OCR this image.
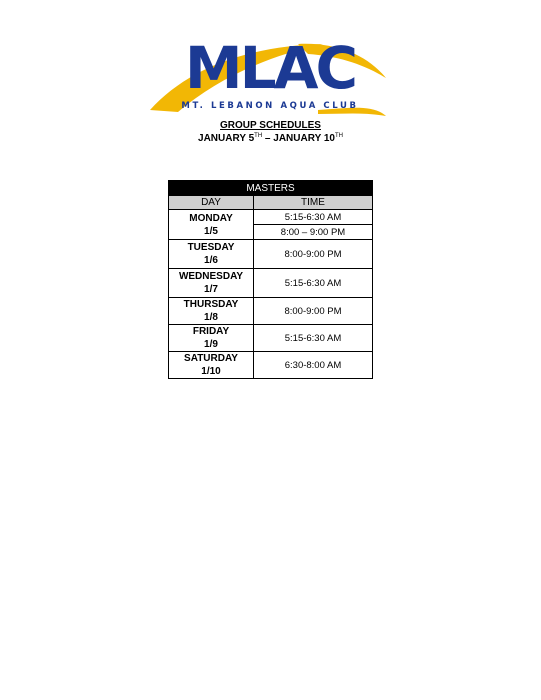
MLAC
MT. LEBANON AQUA CLUB
GROUP SCHEDULES
JANUARY 5TH – JANUARY 10TH
MASTERS	
DAY	TIME
MONDAY
1/5	5:15-6:30 AM
	8:00 – 9:00 PM
TUESDAY
1/6	8:00-9:00 PM
WEDNESDAY
1/7	5:15-6:30 AM
THURSDAY
1/8	8:00-9:00 PM
FRIDAY
1/9	5:15-6:30 AM
SATURDAY
1/10	6:30-8:00 AM
